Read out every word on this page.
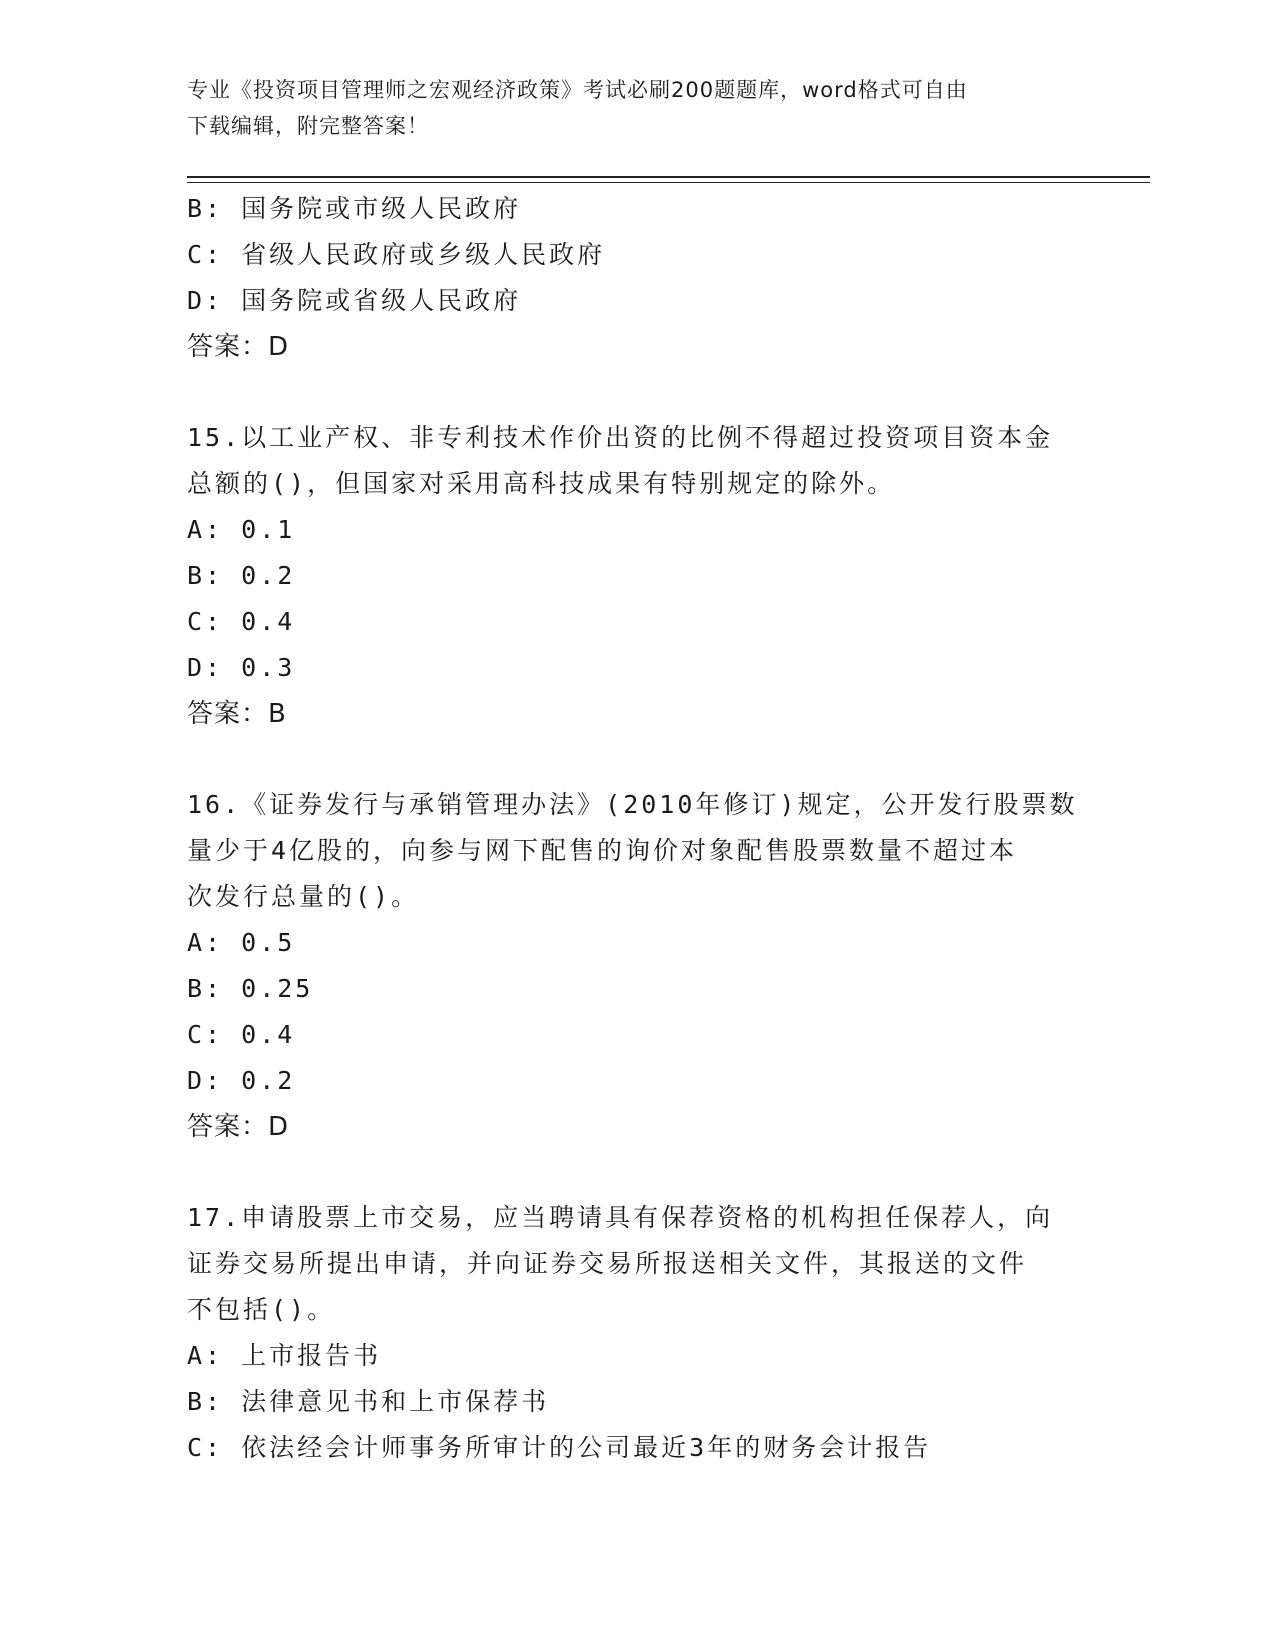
专业《投资项目管理师之宏观经济政策》考试必刷200题题库，word格式可自由
下载编辑，附完整答案！
B: 国务院或市级人民政府
C: 省级人民政府或乡级人民政府
D: 国务院或省级人民政府
答案：D
15.以工业产权、非专利技术作价出资的比例不得超过投资项目资本金
总额的()，但国家对采用高科技成果有特别规定的除外。
A: 0.1
B: 0.2
C: 0.4
D: 0.3
答案：B
16.《证券发行与承销管理办法》(2010年修订)规定，公开发行股票数
量少于4亿股的，向参与网下配售的询价对象配售股票数量不超过本
次发行总量的()。
A: 0.5
B: 0.25
C: 0.4
D: 0.2
答案：D
17.申请股票上市交易，应当聘请具有保荐资格的机构担任保荐人，向
证券交易所提出申请，并向证券交易所报送相关文件，其报送的文件
不包括()。
A: 上市报告书
B: 法律意见书和上市保荐书
C: 依法经会计师事务所审计的公司最近3年的财务会计报告
